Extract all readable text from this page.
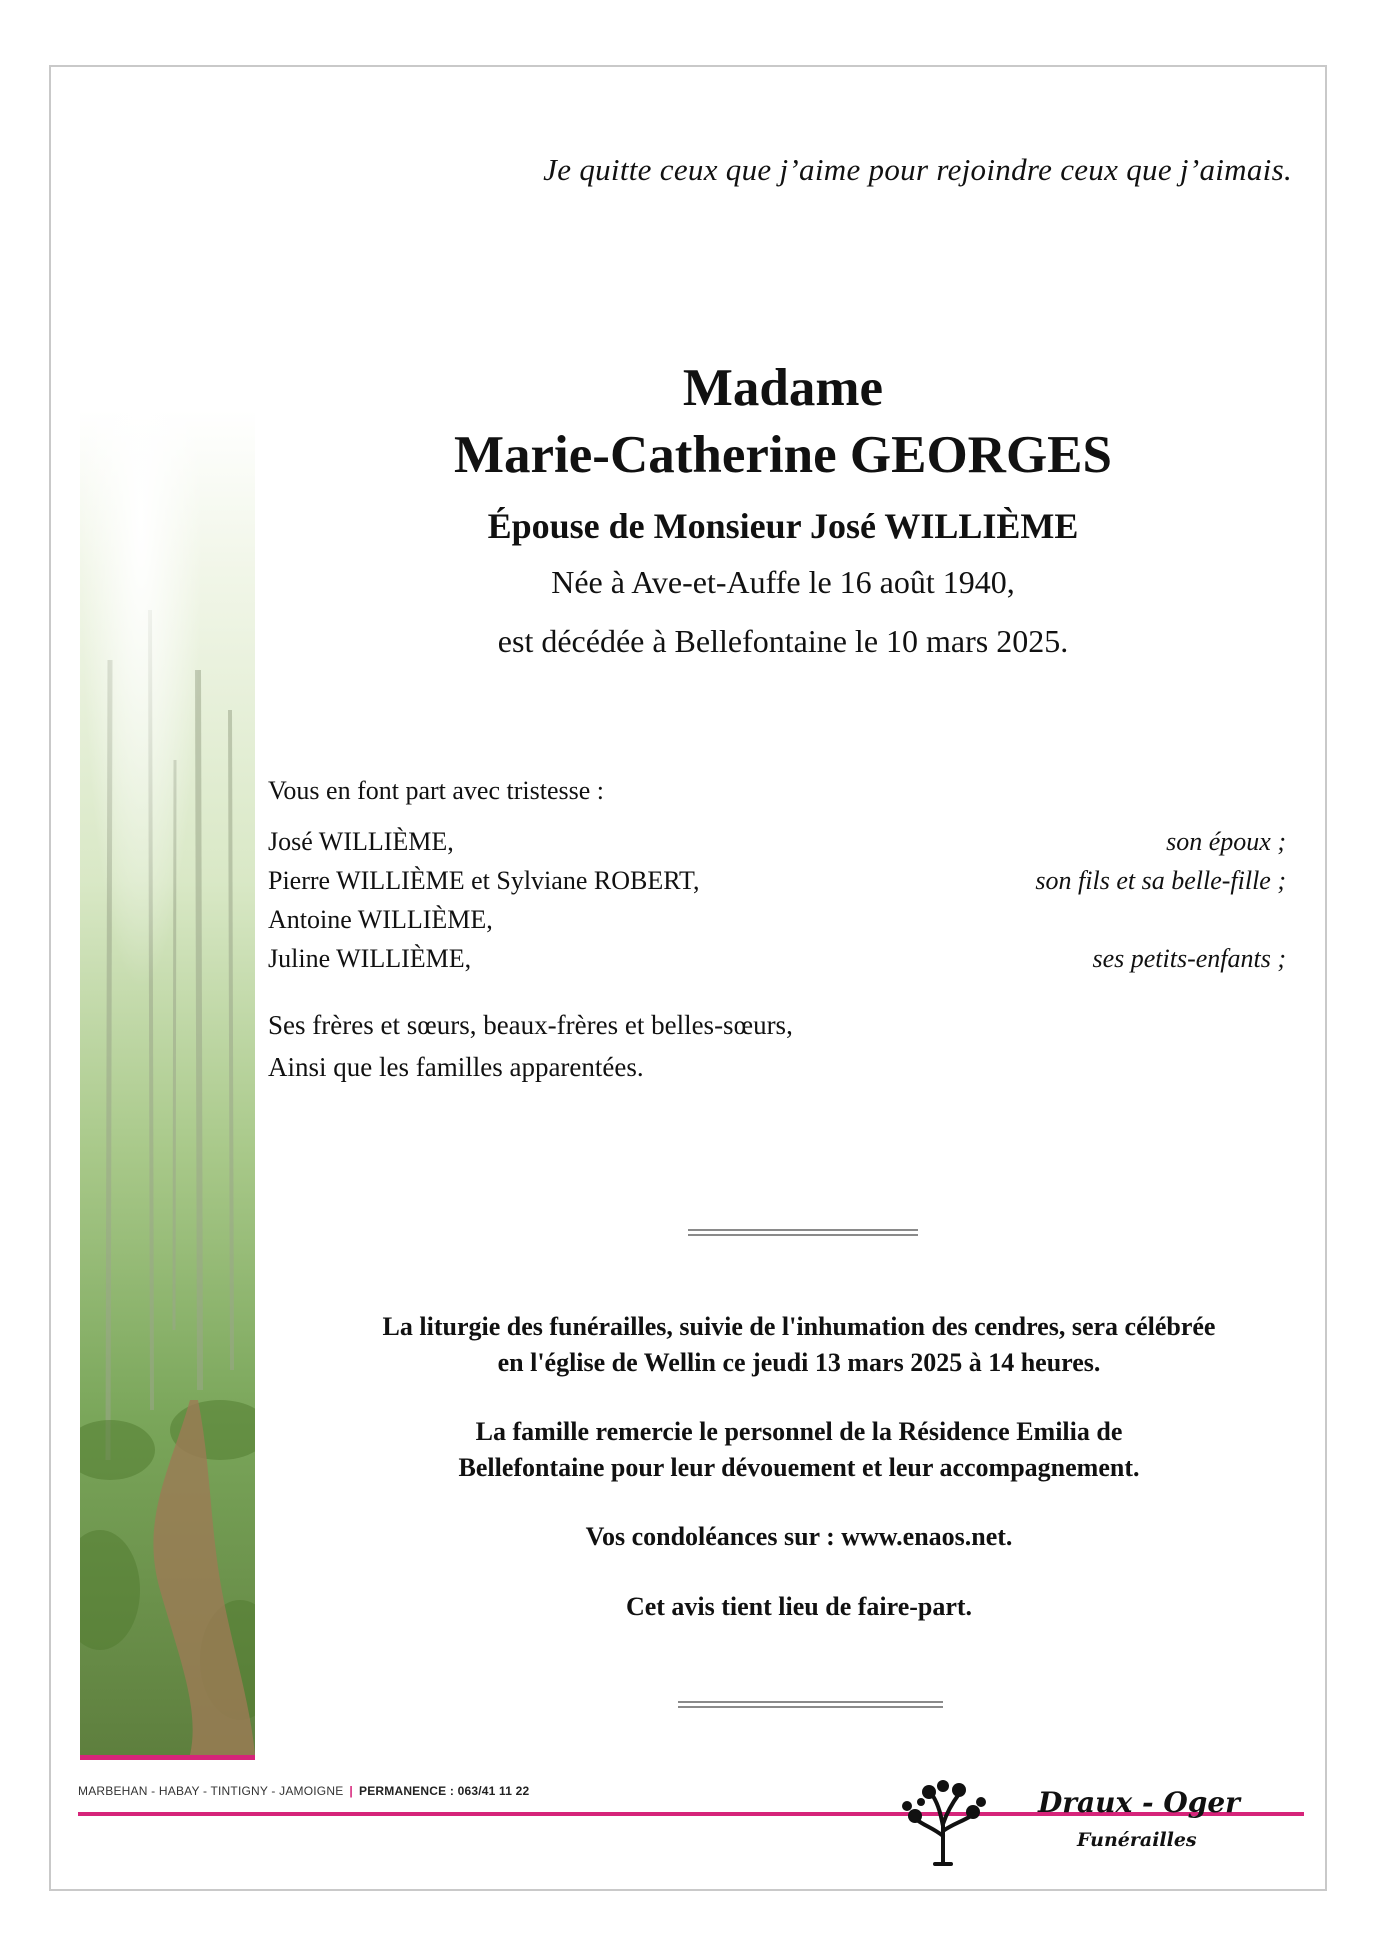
Je quitte ceux que j’aime pour rejoindre ceux que j’aimais.
Madame
Marie-Catherine GEORGES
Épouse de Monsieur José WILLIÈME
Née à Ave-et-Auffe le 16 août 1940,
est décédée à Bellefontaine le 10 mars 2025.
Vous en font part avec tristesse :
José WILLIÈME,	son époux ;
Pierre WILLIÈME et Sylviane ROBERT,	son fils et sa belle-fille ;
Antoine WILLIÈME,
Juline WILLIÈME,	ses petits-enfants ;
Ses frères et sœurs, beaux-frères et belles-sœurs,
Ainsi que les familles apparentées.
La liturgie des funérailles, suivie de l'inhumation des cendres, sera célébrée
en l'église de Wellin ce jeudi 13 mars 2025 à 14 heures.
La famille remercie le personnel de la Résidence Emilia de
Bellefontaine pour leur dévouement et leur accompagnement.
Vos condoléances sur : www.enaos.net.
Cet avis tient lieu de faire-part.
MARBEHAN - HABAY - TINTIGNY - JAMOIGNE | PERMANENCE : 063/41 11 22	Draux - Oger
Funérailles
